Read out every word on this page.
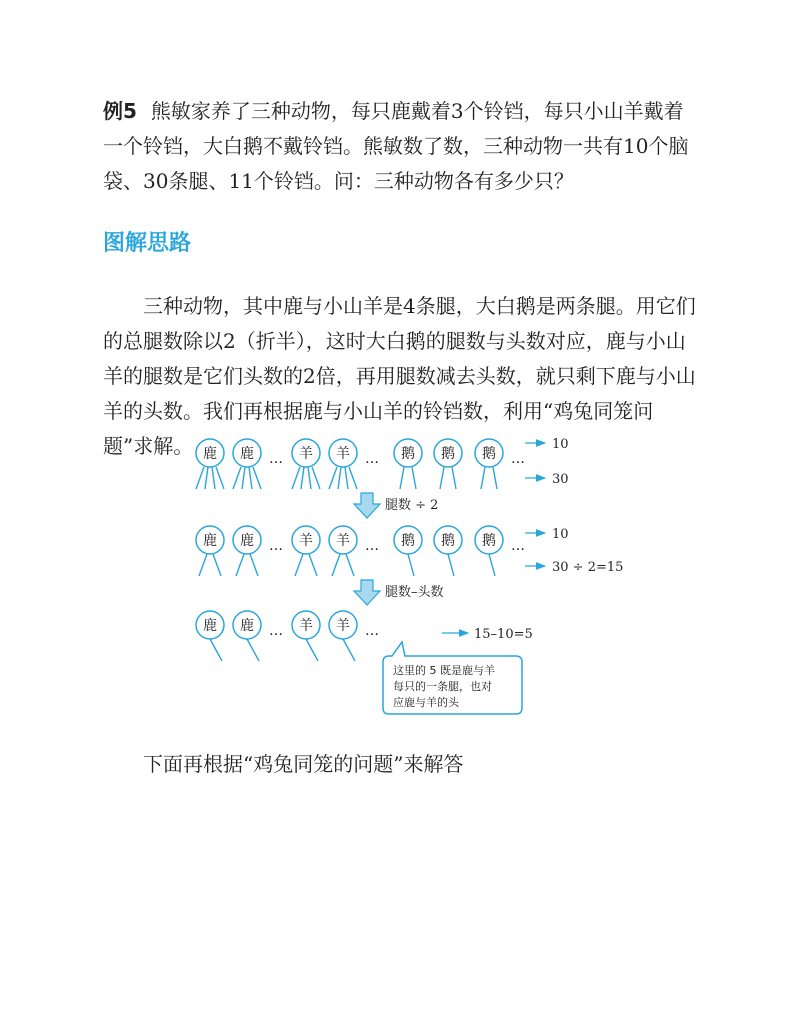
例5 熊敏家养了三种动物，每只鹿戴着3个铃铛，每只小山羊戴着一个铃铛，大白鹅不戴铃铛。熊敏数了数，三种动物一共有10个脑袋、30条腿、11个铃铛。问：三种动物各有多少只？

图解思路

三种动物，其中鹿与小山羊是4条腿，大白鹅是两条腿。用它们的总腿数除以2（折半），这时大白鹅的腿数与头数对应，鹿与小山羊的腿数是它们头数的2倍，再用腿数减去头数，就只剩下鹿与小山羊的头数。我们再根据鹿与小山羊的铃铛数，利用“鸡兔同笼问题”求解。 鹿 鹿 … 羊 羊 … 鹅 鹅 鹅 …
10
30
鹿 鹿 … 羊 羊 … 鹅 鹅 鹅 …
10
30 ÷ 2=15
鹿 鹿 … 羊 羊 …	15–10=5
腿数 ÷ 2
腿数–头数
这里的 5 既是鹿与羊
每只的一条腿，也对
应鹿与羊的头

下面再根据“鸡兔同笼的问题”来解答
